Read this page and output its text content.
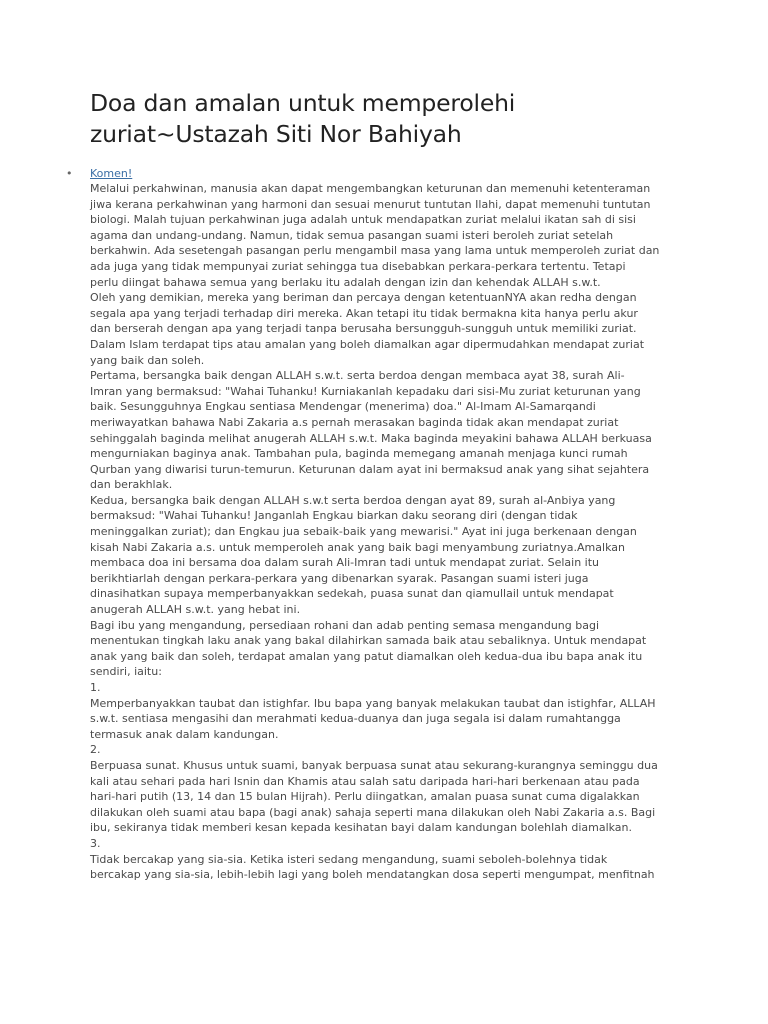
Doa dan amalan untuk memperolehi
zuriat~Ustazah Siti Nor Bahiyah
• Komen!
Melalui perkahwinan, manusia akan dapat mengembangkan keturunan dan memenuhi ketenteraman
jiwa kerana perkahwinan yang harmoni dan sesuai menurut tuntutan Ilahi, dapat memenuhi tuntutan
biologi. Malah tujuan perkahwinan juga adalah untuk mendapatkan zuriat melalui ikatan sah di sisi
agama dan undang-undang. Namun, tidak semua pasangan suami isteri beroleh zuriat setelah
berkahwin. Ada sesetengah pasangan perlu mengambil masa yang lama untuk memperoleh zuriat dan
ada juga yang tidak mempunyai zuriat sehingga tua disebabkan perkara-perkara tertentu. Tetapi
perlu diingat bahawa semua yang berlaku itu adalah dengan izin dan kehendak ALLAH s.w.t.
Oleh yang demikian, mereka yang beriman dan percaya dengan ketentuanNYA akan redha dengan
segala apa yang terjadi terhadap diri mereka. Akan tetapi itu tidak bermakna kita hanya perlu akur
dan berserah dengan apa yang terjadi tanpa berusaha bersungguh-sungguh untuk memiliki zuriat.
Dalam Islam terdapat tips atau amalan yang boleh diamalkan agar dipermudahkan mendapat zuriat
yang baik dan soleh.
Pertama, bersangka baik dengan ALLAH s.w.t. serta berdoa dengan membaca ayat 38, surah Ali-
Imran yang bermaksud: "Wahai Tuhanku! Kurniakanlah kepadaku dari sisi-Mu zuriat keturunan yang
baik. Sesungguhnya Engkau sentiasa Mendengar (menerima) doa." Al-Imam Al-Samarqandi
meriwayatkan bahawa Nabi Zakaria a.s pernah merasakan baginda tidak akan mendapat zuriat
sehinggalah baginda melihat anugerah ALLAH s.w.t. Maka baginda meyakini bahawa ALLAH berkuasa
mengurniakan baginya anak. Tambahan pula, baginda memegang amanah menjaga kunci rumah
Qurban yang diwarisi turun-temurun. Keturunan dalam ayat ini bermaksud anak yang sihat sejahtera
dan berakhlak.
Kedua, bersangka baik dengan ALLAH s.w.t serta berdoa dengan ayat 89, surah al-Anbiya yang
bermaksud: "Wahai Tuhanku! Janganlah Engkau biarkan daku seorang diri (dengan tidak
meninggalkan zuriat); dan Engkau jua sebaik-baik yang mewarisi." Ayat ini juga berkenaan dengan
kisah Nabi Zakaria a.s. untuk memperoleh anak yang baik bagi menyambung zuriatnya.Amalkan
membaca doa ini bersama doa dalam surah Ali-Imran tadi untuk mendapat zuriat. Selain itu
berikhtiarlah dengan perkara-perkara yang dibenarkan syarak. Pasangan suami isteri juga
dinasihatkan supaya memperbanyakkan sedekah, puasa sunat dan qiamullail untuk mendapat
anugerah ALLAH s.w.t. yang hebat ini.
Bagi ibu yang mengandung, persediaan rohani dan adab penting semasa mengandung bagi
menentukan tingkah laku anak yang bakal dilahirkan samada baik atau sebaliknya. Untuk mendapat
anak yang baik dan soleh, terdapat amalan yang patut diamalkan oleh kedua-dua ibu bapa anak itu
sendiri, iaitu:
1.
Memperbanyakkan taubat dan istighfar. Ibu bapa yang banyak melakukan taubat dan istighfar, ALLAH
s.w.t. sentiasa mengasihi dan merahmati kedua-duanya dan juga segala isi dalam rumahtangga
termasuk anak dalam kandungan.
2.
Berpuasa sunat. Khusus untuk suami, banyak berpuasa sunat atau sekurang-kurangnya seminggu dua
kali atau sehari pada hari Isnin dan Khamis atau salah satu daripada hari-hari berkenaan atau pada
hari-hari putih (13, 14 dan 15 bulan Hijrah). Perlu diingatkan, amalan puasa sunat cuma digalakkan
dilakukan oleh suami atau bapa (bagi anak) sahaja seperti mana dilakukan oleh Nabi Zakaria a.s. Bagi
ibu, sekiranya tidak memberi kesan kepada kesihatan bayi dalam kandungan bolehlah diamalkan.
3.
Tidak bercakap yang sia-sia. Ketika isteri sedang mengandung, suami seboleh-bolehnya tidak
bercakap yang sia-sia, lebih-lebih lagi yang boleh mendatangkan dosa seperti mengumpat, menfitnah
